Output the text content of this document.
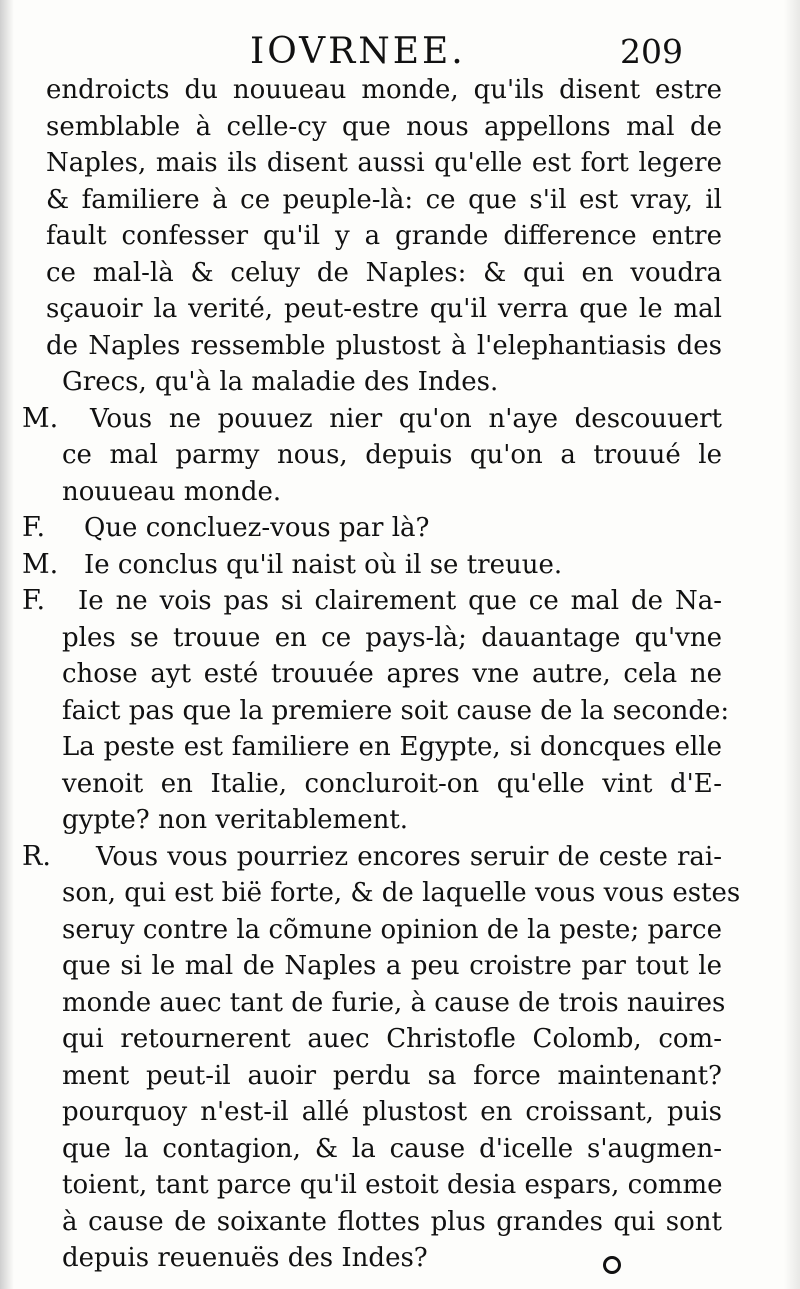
IOVRNEE.	209
endroicts du nouueau monde, qu'ils disent estre
semblable à celle-cy que nous appellons mal de
Naples, mais ils disent aussi qu'elle est fort legere
& familiere à ce peuple-là: ce que s'il est vray, il
fault confesser qu'il y a grande difference entre
ce mal-là & celuy de Naples: & qui en voudra
sçauoir la verité, peut-estre qu'il verra que le mal
de Naples ressemble plustost à l'elephantiasis des
Grecs, qu'à la maladie des Indes.
M. Vous ne pouuez nier qu'on n'aye descouuert
ce mal parmy nous, depuis qu'on a trouué le
nouueau monde.
F.	Que concluez-vous par là?
M. Ie conclus qu'il naist où il se treuue.
F.	Ie ne vois pas si clairement que ce mal de Na-
ples se trouue en ce pays-là; dauantage qu'vne
chose ayt esté trouuée apres vne autre, cela ne
faict pas que la premiere soit cause de la seconde:
La peste est familiere en Egypte, si doncques elle
venoit en Italie, concluroit-on qu'elle vint d'E-
gypte? non veritablement.
R. Vous vous pourriez encores seruir de ceste rai-
son, qui est bië forte, & de laquelle vous vous estes
seruy contre la cõmune opinion de la peste; parce
que si le mal de Naples a peu croistre par tout le
monde auec tant de furie, à cause de trois nauires
qui retournerent auec Christofle Colomb, com-
ment peut-il auoir perdu sa force maintenant?
pourquoy n'est-il allé plustost en croissant, puis
que la contagion, & la cause d'icelle s'augmen-
toient, tant parce qu'il estoit desia espars, comme
à cause de soixante flottes plus grandes qui sont
depuis reuenuës des Indes?
